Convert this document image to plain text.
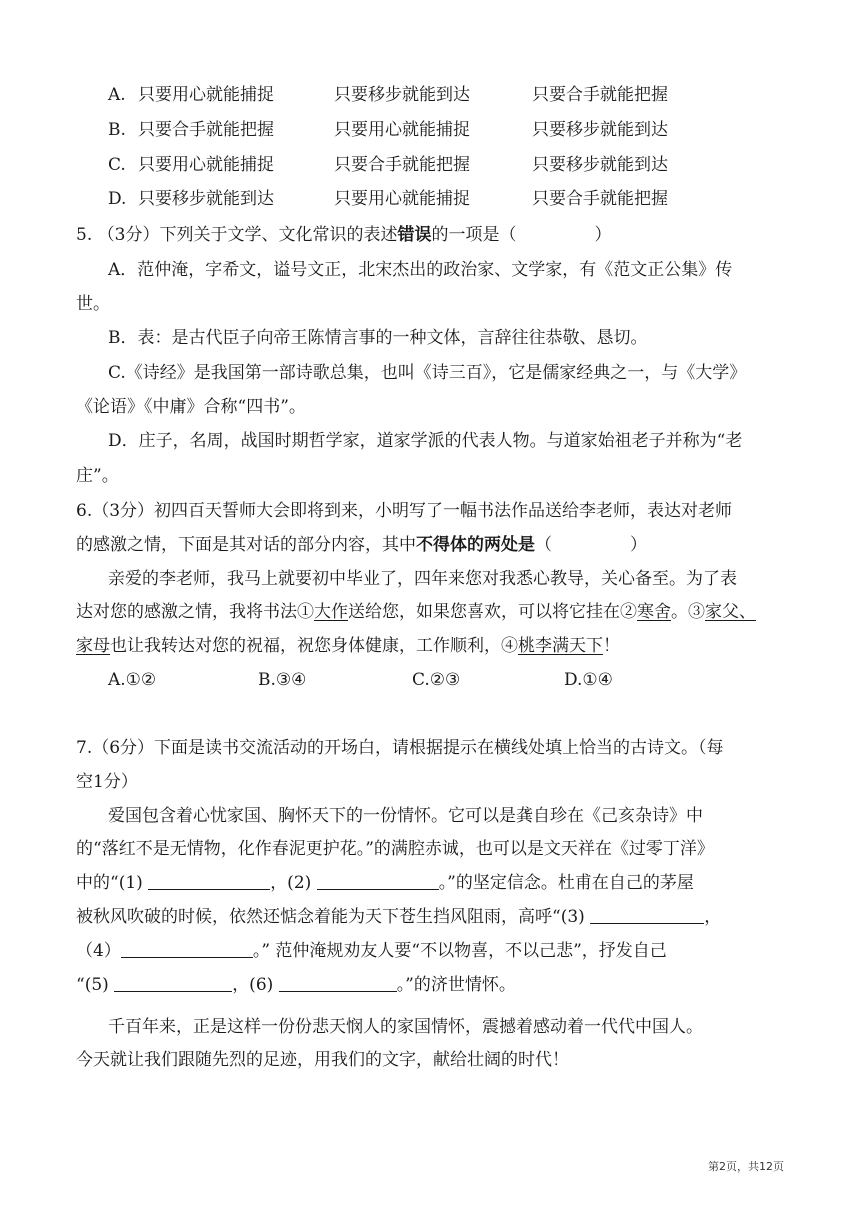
A. 只要用心就能捕捉	只要移步就能到达	只要合手就能把握
B. 只要合手就能把握	只要用心就能捕捉	只要移步就能到达
C. 只要用心就能捕捉	只要合手就能把握	只要移步就能到达
D. 只要移步就能到达	只要用心就能捕捉	只要合手就能把握
5. （3分）下列关于文学、文化常识的表述错误的一项是（	）
A．范仲淹，字希文，谥号文正，北宋杰出的政治家、文学家，有《范文正公集》传
世。
B．表：是古代臣子向帝王陈情言事的一种文体，言辞往往恭敬、恳切。
C.《诗经》是我国第一部诗歌总集，也叫《诗三百》，它是儒家经典之一，与《大学》
《论语》《中庸》合称“四书”。
D．庄子，名周，战国时期哲学家，道家学派的代表人物。与道家始祖老子并称为“老
庄”。
6.（3分）初四百天誓师大会即将到来，小明写了一幅书法作品送给李老师，表达对老师
的感激之情，下面是其对话的部分内容，其中不得体的两处是（	）
亲爱的李老师，我马上就要初中毕业了，四年来您对我悉心教导，关心备至。为了表
达对您的感激之情，我将书法①大作送给您，如果您喜欢，可以将它挂在②寒舍。③家父、
家母也让我转达对您的祝福，祝您身体健康，工作顺利，④桃李满天下！
A.①②	B.③④	C.②③	D.①④
7.（6分）下面是读书交流活动的开场白，请根据提示在横线处填上恰当的古诗文。（每
空1分）
爱国包含着心忧家国、胸怀天下的一份情怀。它可以是龚自珍在《己亥杂诗》中
的“落红不是无情物，化作春泥更护花。”的满腔赤诚，也可以是文天祥在《过零丁洋》
中的“(1)	，(2)	。”的坚定信念。杜甫在自己的茅屋
被秋风吹破的时候，依然还惦念着能为天下苍生挡风阻雨，高呼“(3)	，
（4）	。” 范仲淹规劝友人要“不以物喜，不以己悲”，抒发自己
“(5)	，(6)	。”的济世情怀。
千百年来，正是这样一份份悲天悯人的家国情怀，震撼着感动着一代代中国人。
今天就让我们跟随先烈的足迹，用我们的文字，献给壮阔的时代！
第2页，共12页
